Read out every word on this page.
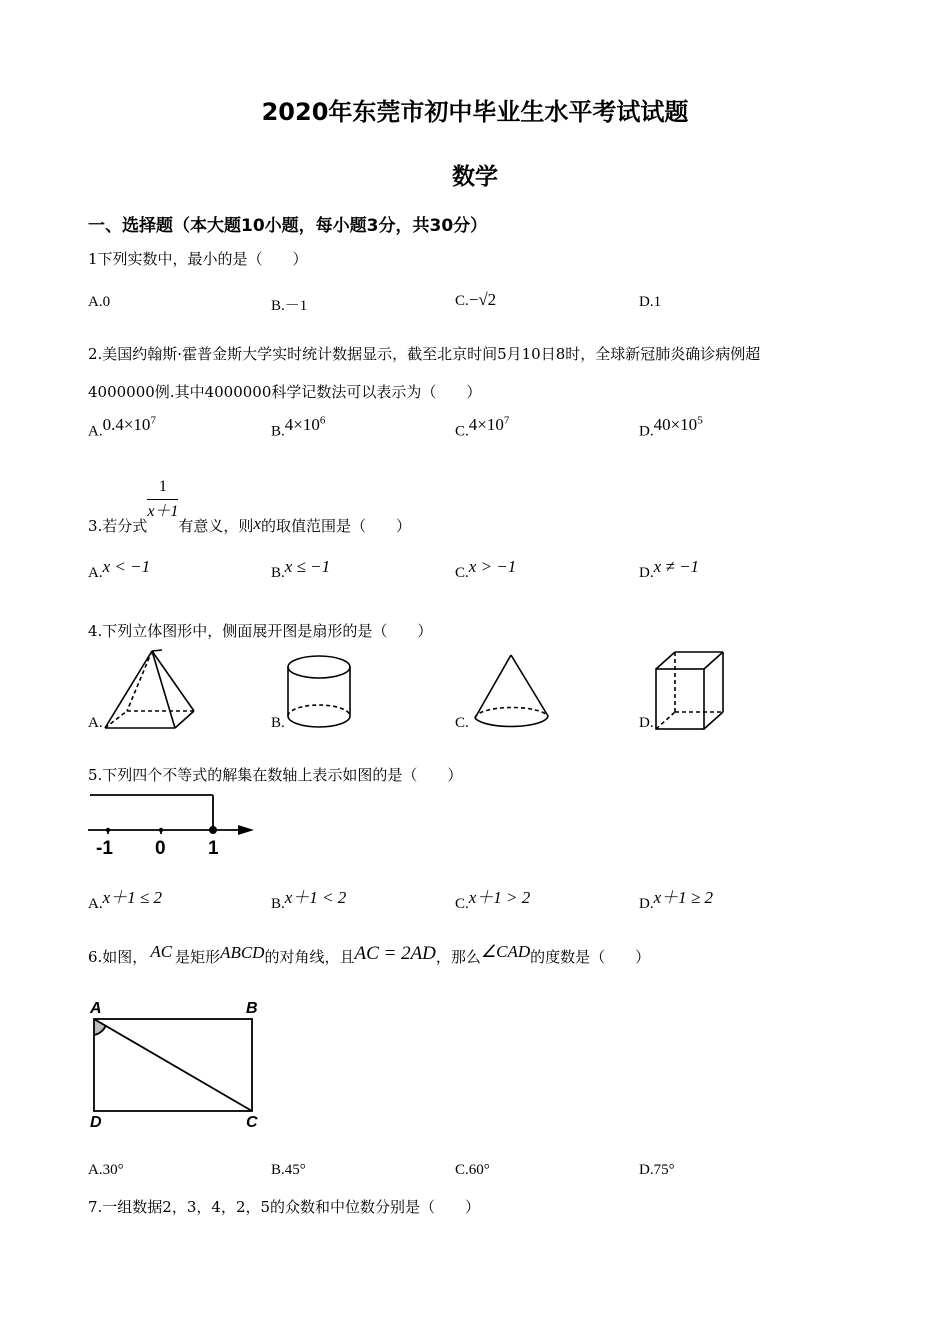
2020年东莞市初中毕业生水平考试试题
数学
一、选择题（本大题10小题，每小题3分，共30分）
1下列实数中，最小的是（　　）
A.0	B.－1	C.−√2	D.1
2.美国约翰斯·霍普金斯大学实时统计数据显示，截至北京时间5月10日8时，全球新冠肺炎确诊病例超
4000000例.其中4000000科学记数法可以表示为（　　）
$A.0.4\times 10^7$
$B.4\times 10^6$
$C.4\times 10^7$
$D.40\times 10^5$
3.若分式
$\frac{1}{x+1}$
有意义，则x的取值范围是（　　）
A.x < −1	B.x ≤ −1	C.x > −1	D.x ≠ −1
4.下列立体图形中，侧面展开图是扇形的是（　　）
A.	B.	C.	D.
5.下列四个不等式的解集在数轴上表示如图的是（　　）
-1 0 1
A.x＋1 ≤ 2	B.x＋1 < 2	C.x＋1 > 2	D.x＋1 ≥ 2
6.如图， AC 是矩形ABCD的对角线，且AC = 2AD，那么∠CAD的度数是（　　）
A	B
D	C
A.30°	B.45°	C.60°	D.75°
7.一组数据2，3，4，2，5的众数和中位数分别是（　　）
